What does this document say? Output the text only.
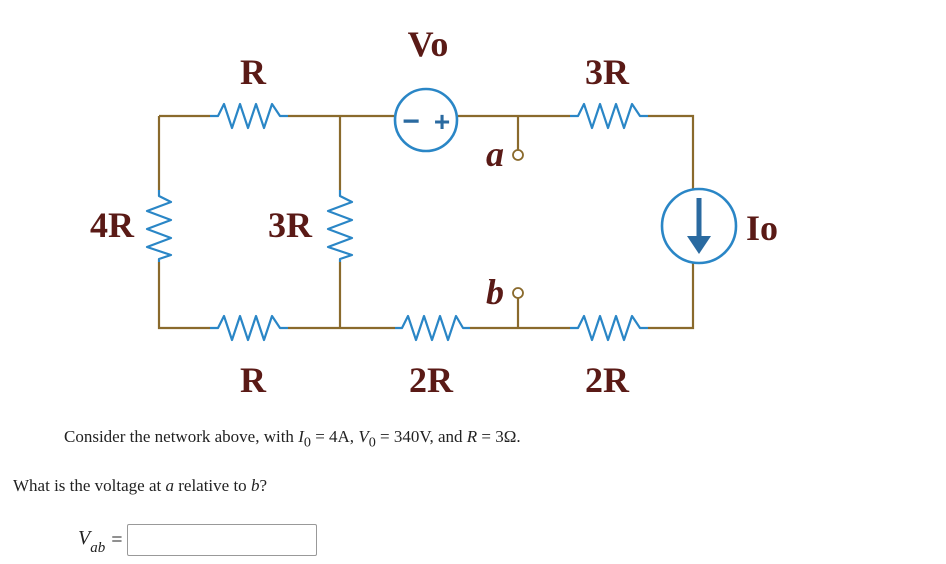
− +
R
Vo
3R
4R	3R	Io
a
b
R	2R	2R
Consider the network above, with $I_0 = 4A$, $V_0 = 340V$, and R = 3Ω.
What is the voltage at a relative to b?
$V_{ab}$ =
